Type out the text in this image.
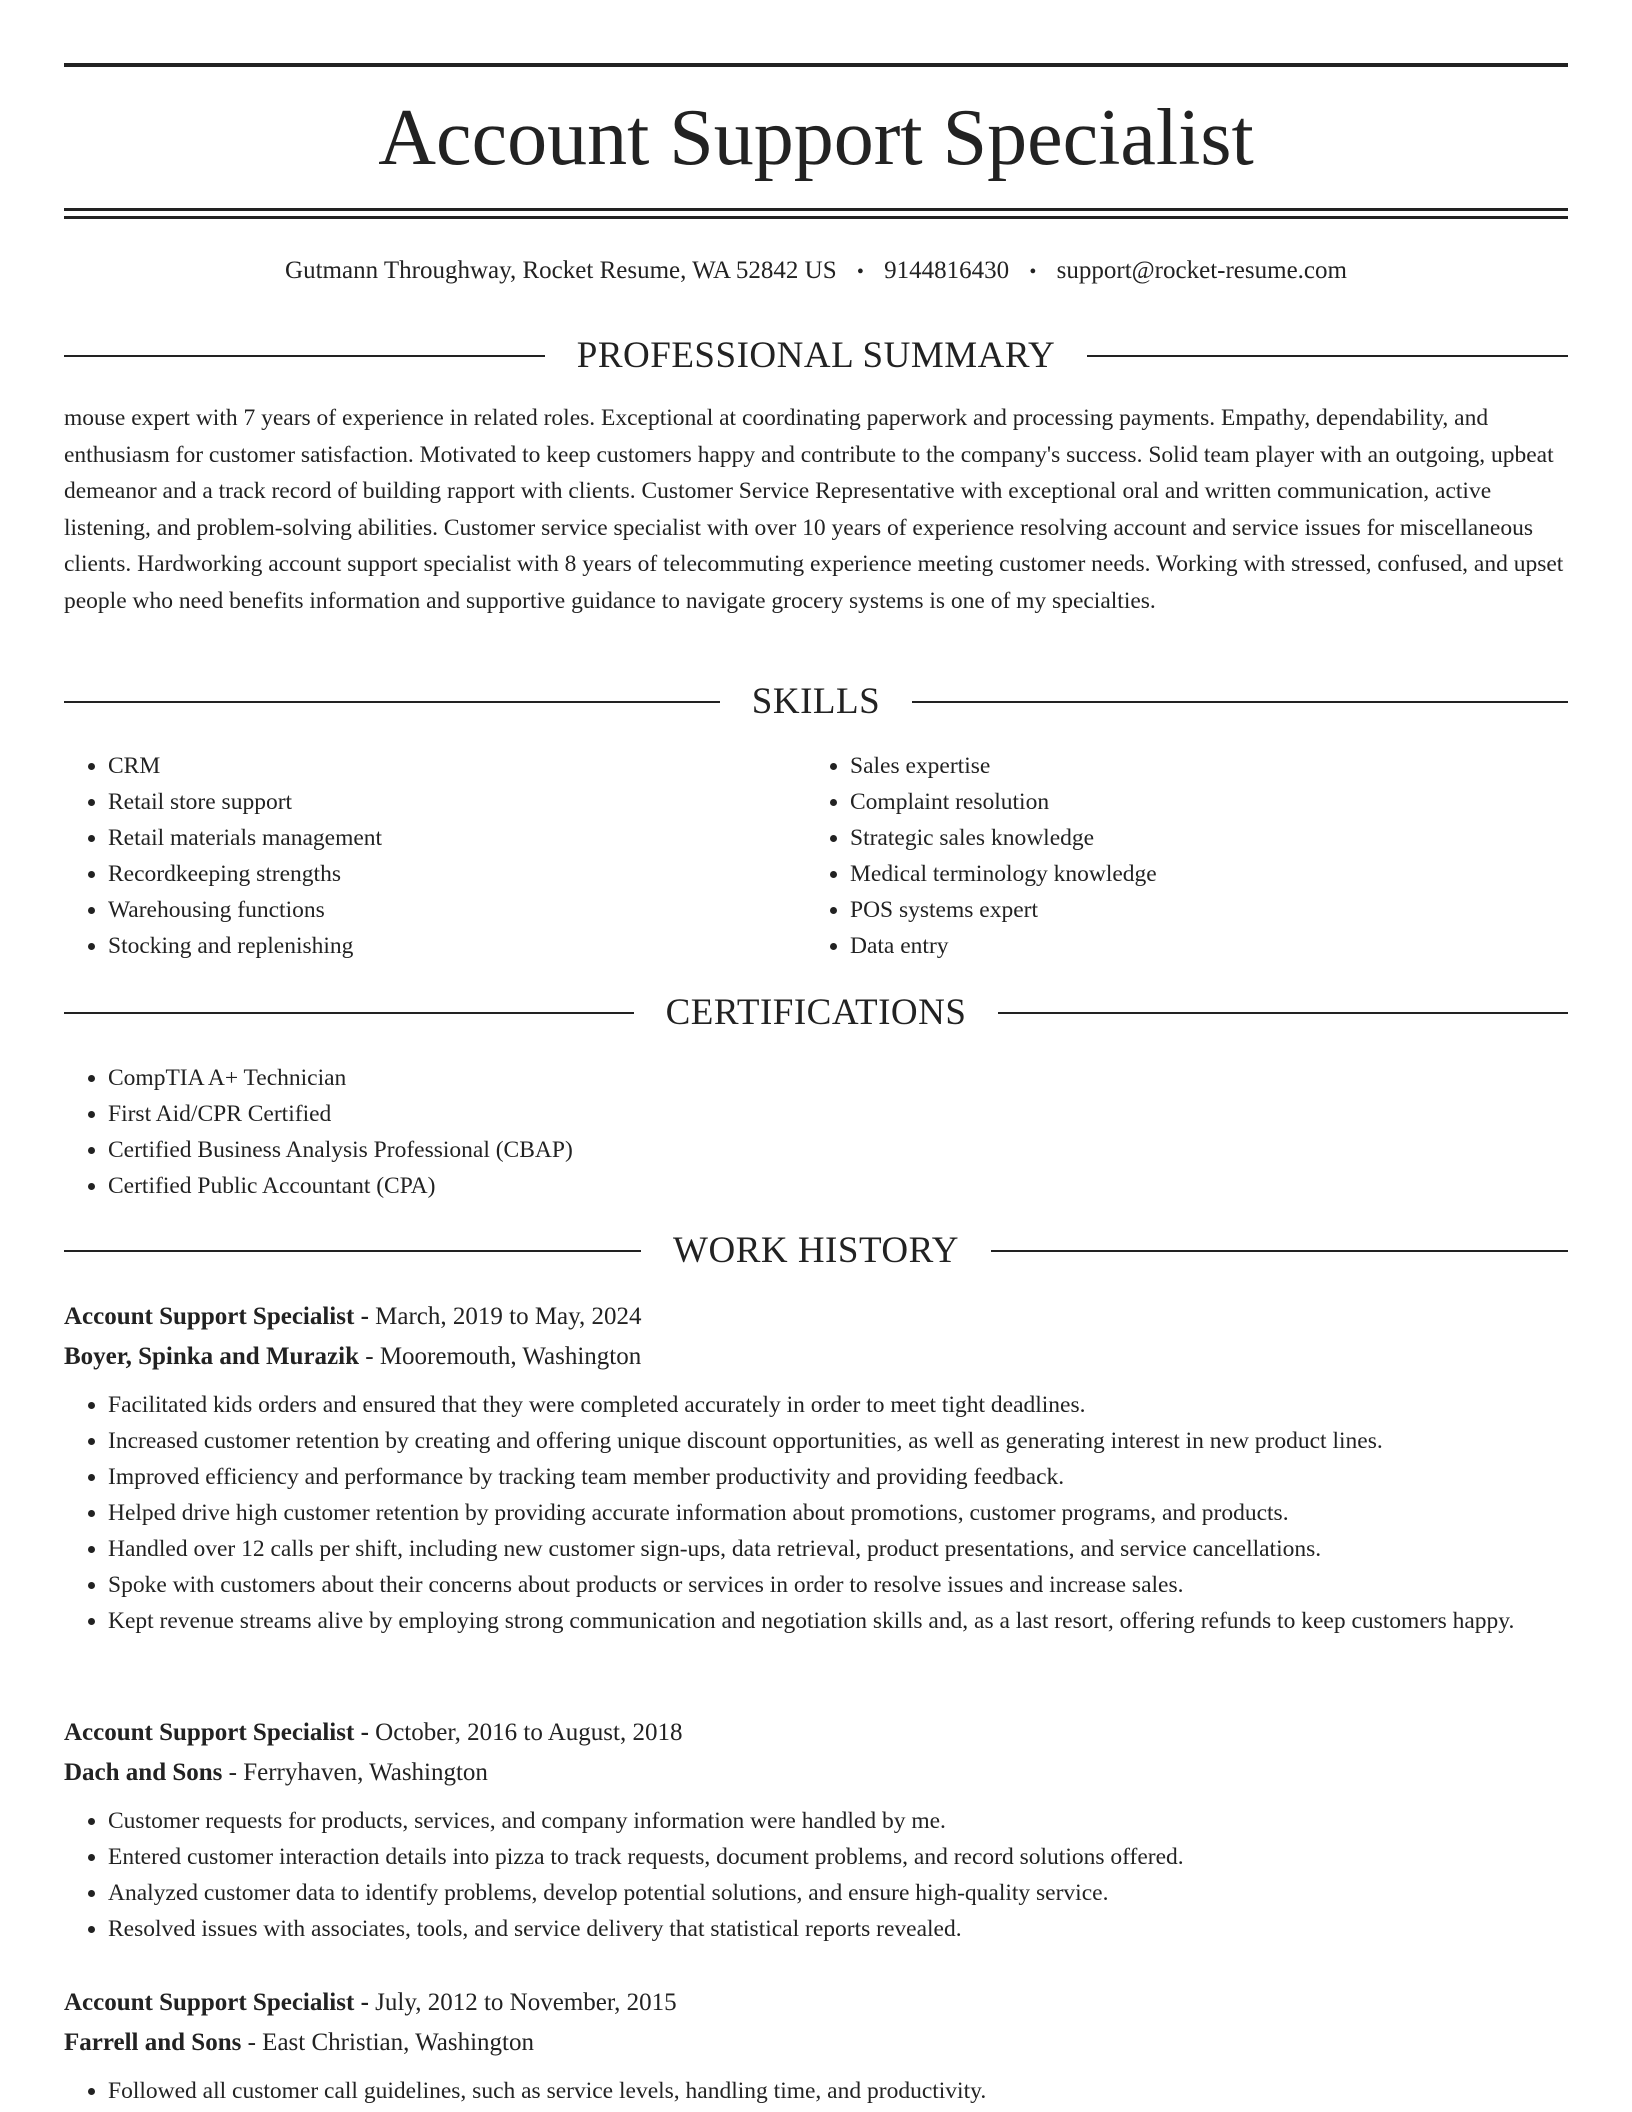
Account Support Specialist
Gutmann Throughway, Rocket Resume, WA 52842 US • 9144816430 • support@rocket-resume.com
PROFESSIONAL SUMMARY

mouse expert with 7 years of experience in related roles. Exceptional at coordinating paperwork and processing payments. Empathy, dependability, and enthusiasm for customer satisfaction. Motivated to keep customers happy and contribute to the company's success. Solid team player with an outgoing, upbeat demeanor and a track record of building rapport with clients. Customer Service Representative with exceptional oral and written communication, active listening, and problem-solving abilities. Customer service specialist with over 10 years of experience resolving account and service issues for miscellaneous clients. Hardworking account support specialist with 8 years of telecommuting experience meeting customer needs. Working with stressed, confused, and upset people who need benefits information and supportive guidance to navigate grocery systems is one of my specialties.

SKILLS
• CRM
• Retail store support
• Retail materials management
• Recordkeeping strengths
• Warehousing functions
• Stocking and replenishing
• Sales expertise
• Complaint resolution
• Strategic sales knowledge
• Medical terminology knowledge
• POS systems expert
• Data entry
CERTIFICATIONS
• CompTIA A+ Technician
• First Aid/CPR Certified
• Certified Business Analysis Professional (CBAP)
• Certified Public Accountant (CPA)
WORK HISTORY
Account Support Specialist - March, 2019 to May, 2024
Boyer, Spinka and Murazik - Mooremouth, Washington
• Facilitated kids orders and ensured that they were completed accurately in order to meet tight deadlines.
• Increased customer retention by creating and offering unique discount opportunities, as well as generating interest in new product lines.
• Improved efficiency and performance by tracking team member productivity and providing feedback.
• Helped drive high customer retention by providing accurate information about promotions, customer programs, and products.
• Handled over 12 calls per shift, including new customer sign-ups, data retrieval, product presentations, and service cancellations.
• Spoke with customers about their concerns about products or services in order to resolve issues and increase sales.
• Kept revenue streams alive by employing strong communication and negotiation skills and, as a last resort, offering refunds to keep customers happy.
Account Support Specialist - October, 2016 to August, 2018
Dach and Sons - Ferryhaven, Washington
• Customer requests for products, services, and company information were handled by me.
• Entered customer interaction details into pizza to track requests, document problems, and record solutions offered.
• Analyzed customer data to identify problems, develop potential solutions, and ensure high-quality service.
• Resolved issues with associates, tools, and service delivery that statistical reports revealed.
Account Support Specialist - July, 2012 to November, 2015
Farrell and Sons - East Christian, Washington
• Followed all customer call guidelines, such as service levels, handling time, and productivity.
